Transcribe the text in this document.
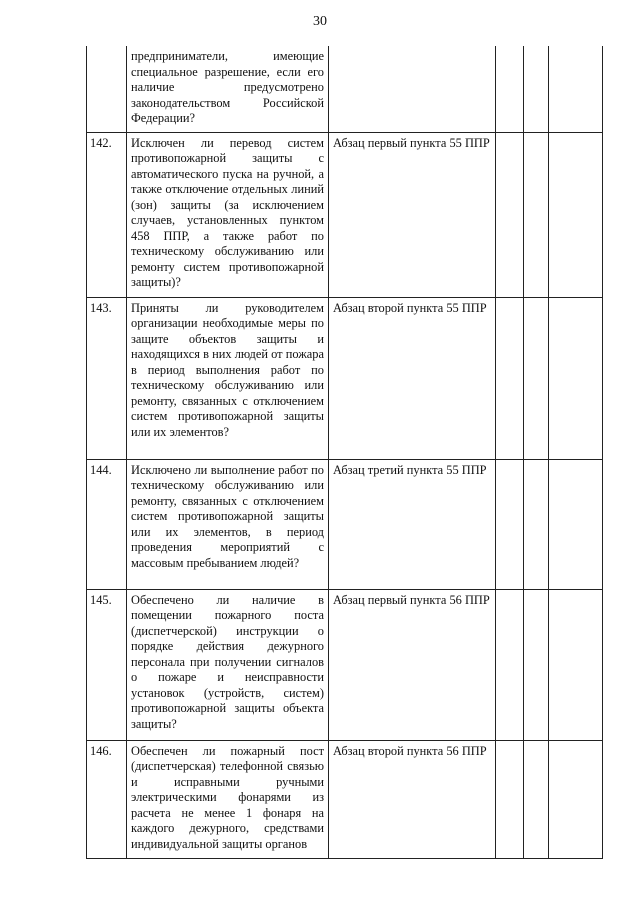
30
	предприниматели, имеющие специальное разрешение, если его наличие предусмотрено законодательством Российской Федерации?				
142.	Исключен ли перевод систем противопожарной защиты с автоматического пуска на ручной, а также отключение отдельных линий (зон) защиты (за исключением случаев, установленных пунктом 458 ППР, а также работ по техническому обслуживанию или ремонту систем противопожарной защиты)?	Абзац первый пункта 55 ППР			
143.	Приняты ли руководителем организации необходимые меры по защите объектов защиты и находящихся в них людей от пожара в период выполнения работ по техническому обслуживанию или ремонту, связанных с отключением систем противопожарной защиты или их элементов?	Абзац второй пункта 55 ППР			
144.	Исключено ли выполнение работ по техническому обслуживанию или ремонту, связанных с отключением систем противопожарной защиты или их элементов, в период проведения мероприятий с массовым пребыванием людей?	Абзац третий пункта 55 ППР			
145.	Обеспечено ли наличие в помещении пожарного поста (диспетчерской) инструкции о порядке действия дежурного персонала при получении сигналов о пожаре и неисправности установок (устройств, систем) противопожарной защиты объекта защиты?	Абзац первый пункта 56 ППР			
146.	Обеспечен ли пожарный пост (диспетчерская) телефонной связью и исправными ручными электрическими фонарями из расчета не менее 1 фонаря на каждого дежурного, средствами индивидуальной защиты органов	Абзац второй пункта 56 ППР			
